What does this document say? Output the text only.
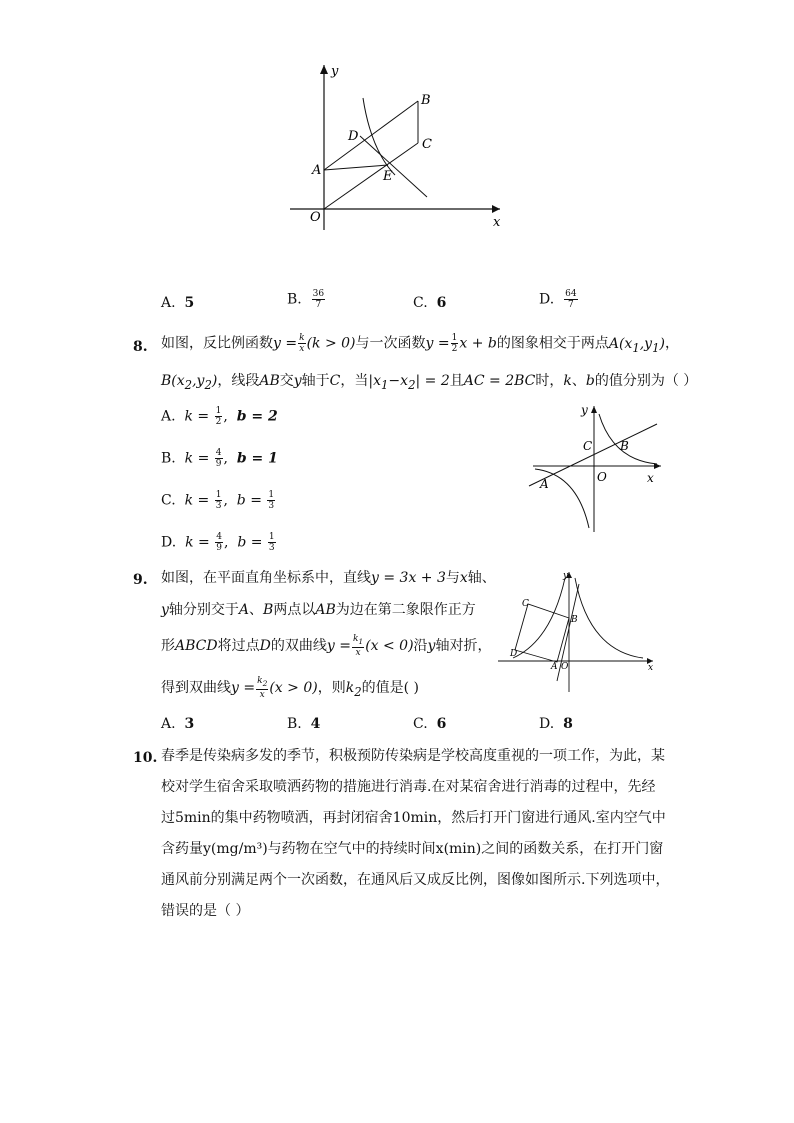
y
x
O
A
B
C
D
E
A. 5	B. $\frac{36}{7}$	C. 6	D. $\frac{64}{7}$
8. 如图，反比例函数$y = \frac{k}{x} (k > 0)$与一次函数$y = \frac{1}{2}$ x + b的图象相交于两点$A(x_1,y_1)$，
$B(x_2,y_2)$，线段AB交y轴于C，当$|x_1-x_2| = 2$且AC = 2BC时，k、b的值分别为（ ）
A. $k = \frac{1}{2}$ ,  b = 2
B. $k = \frac{4}{9}$ ,  b = 1
C. $k = \frac{1}{3}$ ,  $b = \frac{1}{3}$
D. $k = \frac{4}{9}$ ,  $b = \frac{1}{3}$
y
x
O
A
B
C
9. 如图，在平面直角坐标系中，直线y = 3x + 3与x轴、
y轴分别交于A、B两点以AB为边在第二象限作正方
形ABCD将过点D的双曲线$y = \frac{k_1}{x} (x < 0)$沿y轴对折，
得到双曲线$y = \frac{k_2}{x} (x > 0)$，则$k_2$的值是( )
A. 3	B. 4	C. 6	D. 8
y
x
O
A
B
C
D
10. 春季是传染病多发的季节，积极预防传染病是学校高度重视的一项工作，为此，某
校对学生宿舍采取喷洒药物的措施进行消毒.在对某宿舍进行消毒的过程中，先经
过5min的集中药物喷洒，再封闭宿舍10min，然后打开门窗进行通风.室内空气中
含药量y(mg/m³)与药物在空气中的持续时间x(min)之间的函数关系，在打开门窗
通风前分别满足两个一次函数，在通风后又成反比例，图像如图所示.下列选项中，
错误的是（ ）
